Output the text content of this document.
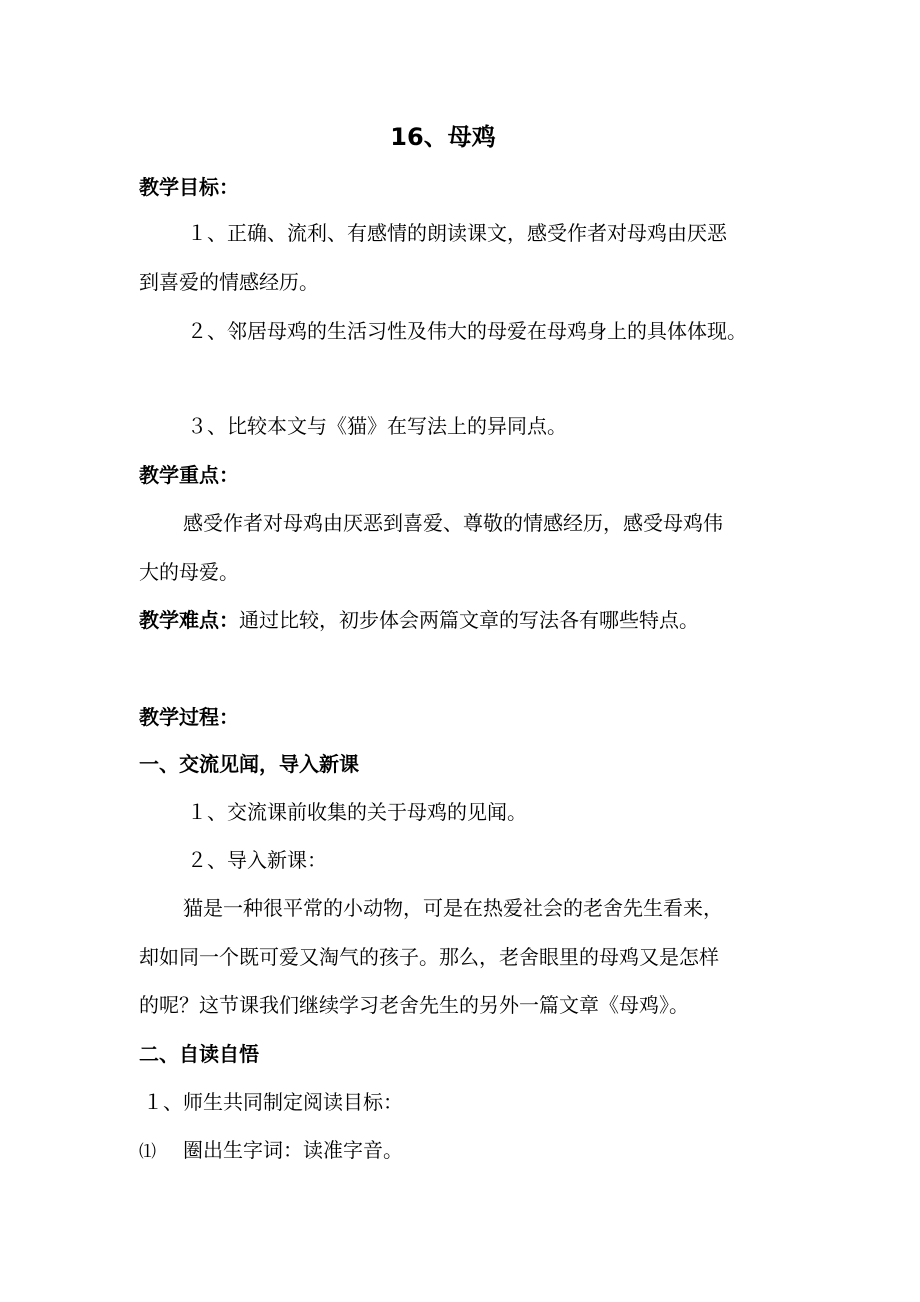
16、母鸡
教学目标：
１、正确、流利、有感情的朗读课文，感受作者对母鸡由厌恶
到喜爱的情感经历。
２、邻居母鸡的生活习性及伟大的母爱在母鸡身上的具体体现。
３、比较本文与《猫》在写法上的异同点。
教学重点：
感受作者对母鸡由厌恶到喜爱、尊敬的情感经历，感受母鸡伟
大的母爱。
教学难点：通过比较，初步体会两篇文章的写法各有哪些特点。
教学过程：
一、交流见闻，导入新课
１、交流课前收集的关于母鸡的见闻。
２、导入新课：
猫是一种很平常的小动物，可是在热爱社会的老舍先生看来，
却如同一个既可爱又淘气的孩子。那么，老舍眼里的母鸡又是怎样
的呢？这节课我们继续学习老舍先生的另外一篇文章《母鸡》。
二、自读自悟
１、师生共同制定阅读目标：
⑴ 圈出生字词：读准字音。
